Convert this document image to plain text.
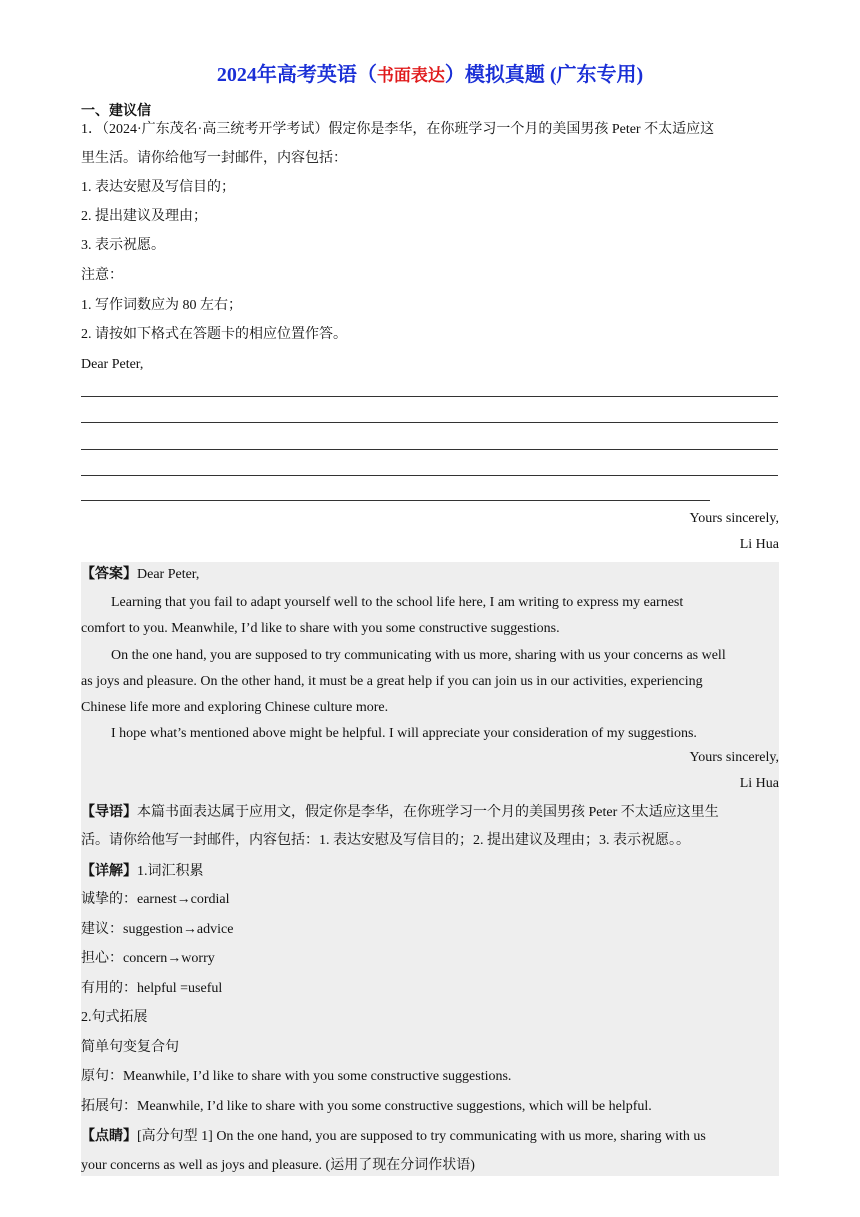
2024年高考英语（书面表达）模拟真题 (广东专用)
一、建议信
1．（2024·广东茂名·高三统考开学考试）假定你是李华，在你班学习一个月的美国男孩 Peter 不太适应这
里生活。请你给他写一封邮件，内容包括：
1. 表达安慰及写信目的；
2. 提出建议及理由；
3. 表示祝愿。
注意：
1. 写作词数应为 80 左右；
2. 请按如下格式在答题卡的相应位置作答。
Dear Peter,
Yours sincerely,
Li Hua
【答案】Dear Peter,
Learning that you fail to adapt yourself well to the school life here, I am writing to express my earnest
comfort to you. Meanwhile, I’d like to share with you some constructive suggestions.
On the one hand, you are supposed to try communicating with us more, sharing with us your concerns as well
as joys and pleasure. On the other hand, it must be a great help if you can join us in our activities, experiencing
Chinese life more and exploring Chinese culture more.
I hope what’s mentioned above might be helpful. I will appreciate your consideration of my suggestions.
Yours sincerely,
Li Hua
【导语】本篇书面表达属于应用文，假定你是李华，在你班学习一个月的美国男孩 Peter 不太适应这里生
活。请你给他写一封邮件，内容包括：1. 表达安慰及写信目的；2. 提出建议及理由；3. 表示祝愿。。
【详解】1.词汇积累
诚挚的：earnest→cordial
建议：suggestion→advice
担心：concern→worry
有用的：helpful =useful
2.句式拓展
简单句变复合句
原句：Meanwhile, I’d like to share with you some constructive suggestions.
拓展句：Meanwhile, I’d like to share with you some constructive suggestions, which will be helpful.
【点睛】[高分句型 1] On the one hand, you are supposed to try communicating with us more, sharing with us
your concerns as well as joys and pleasure. (运用了现在分词作状语)
